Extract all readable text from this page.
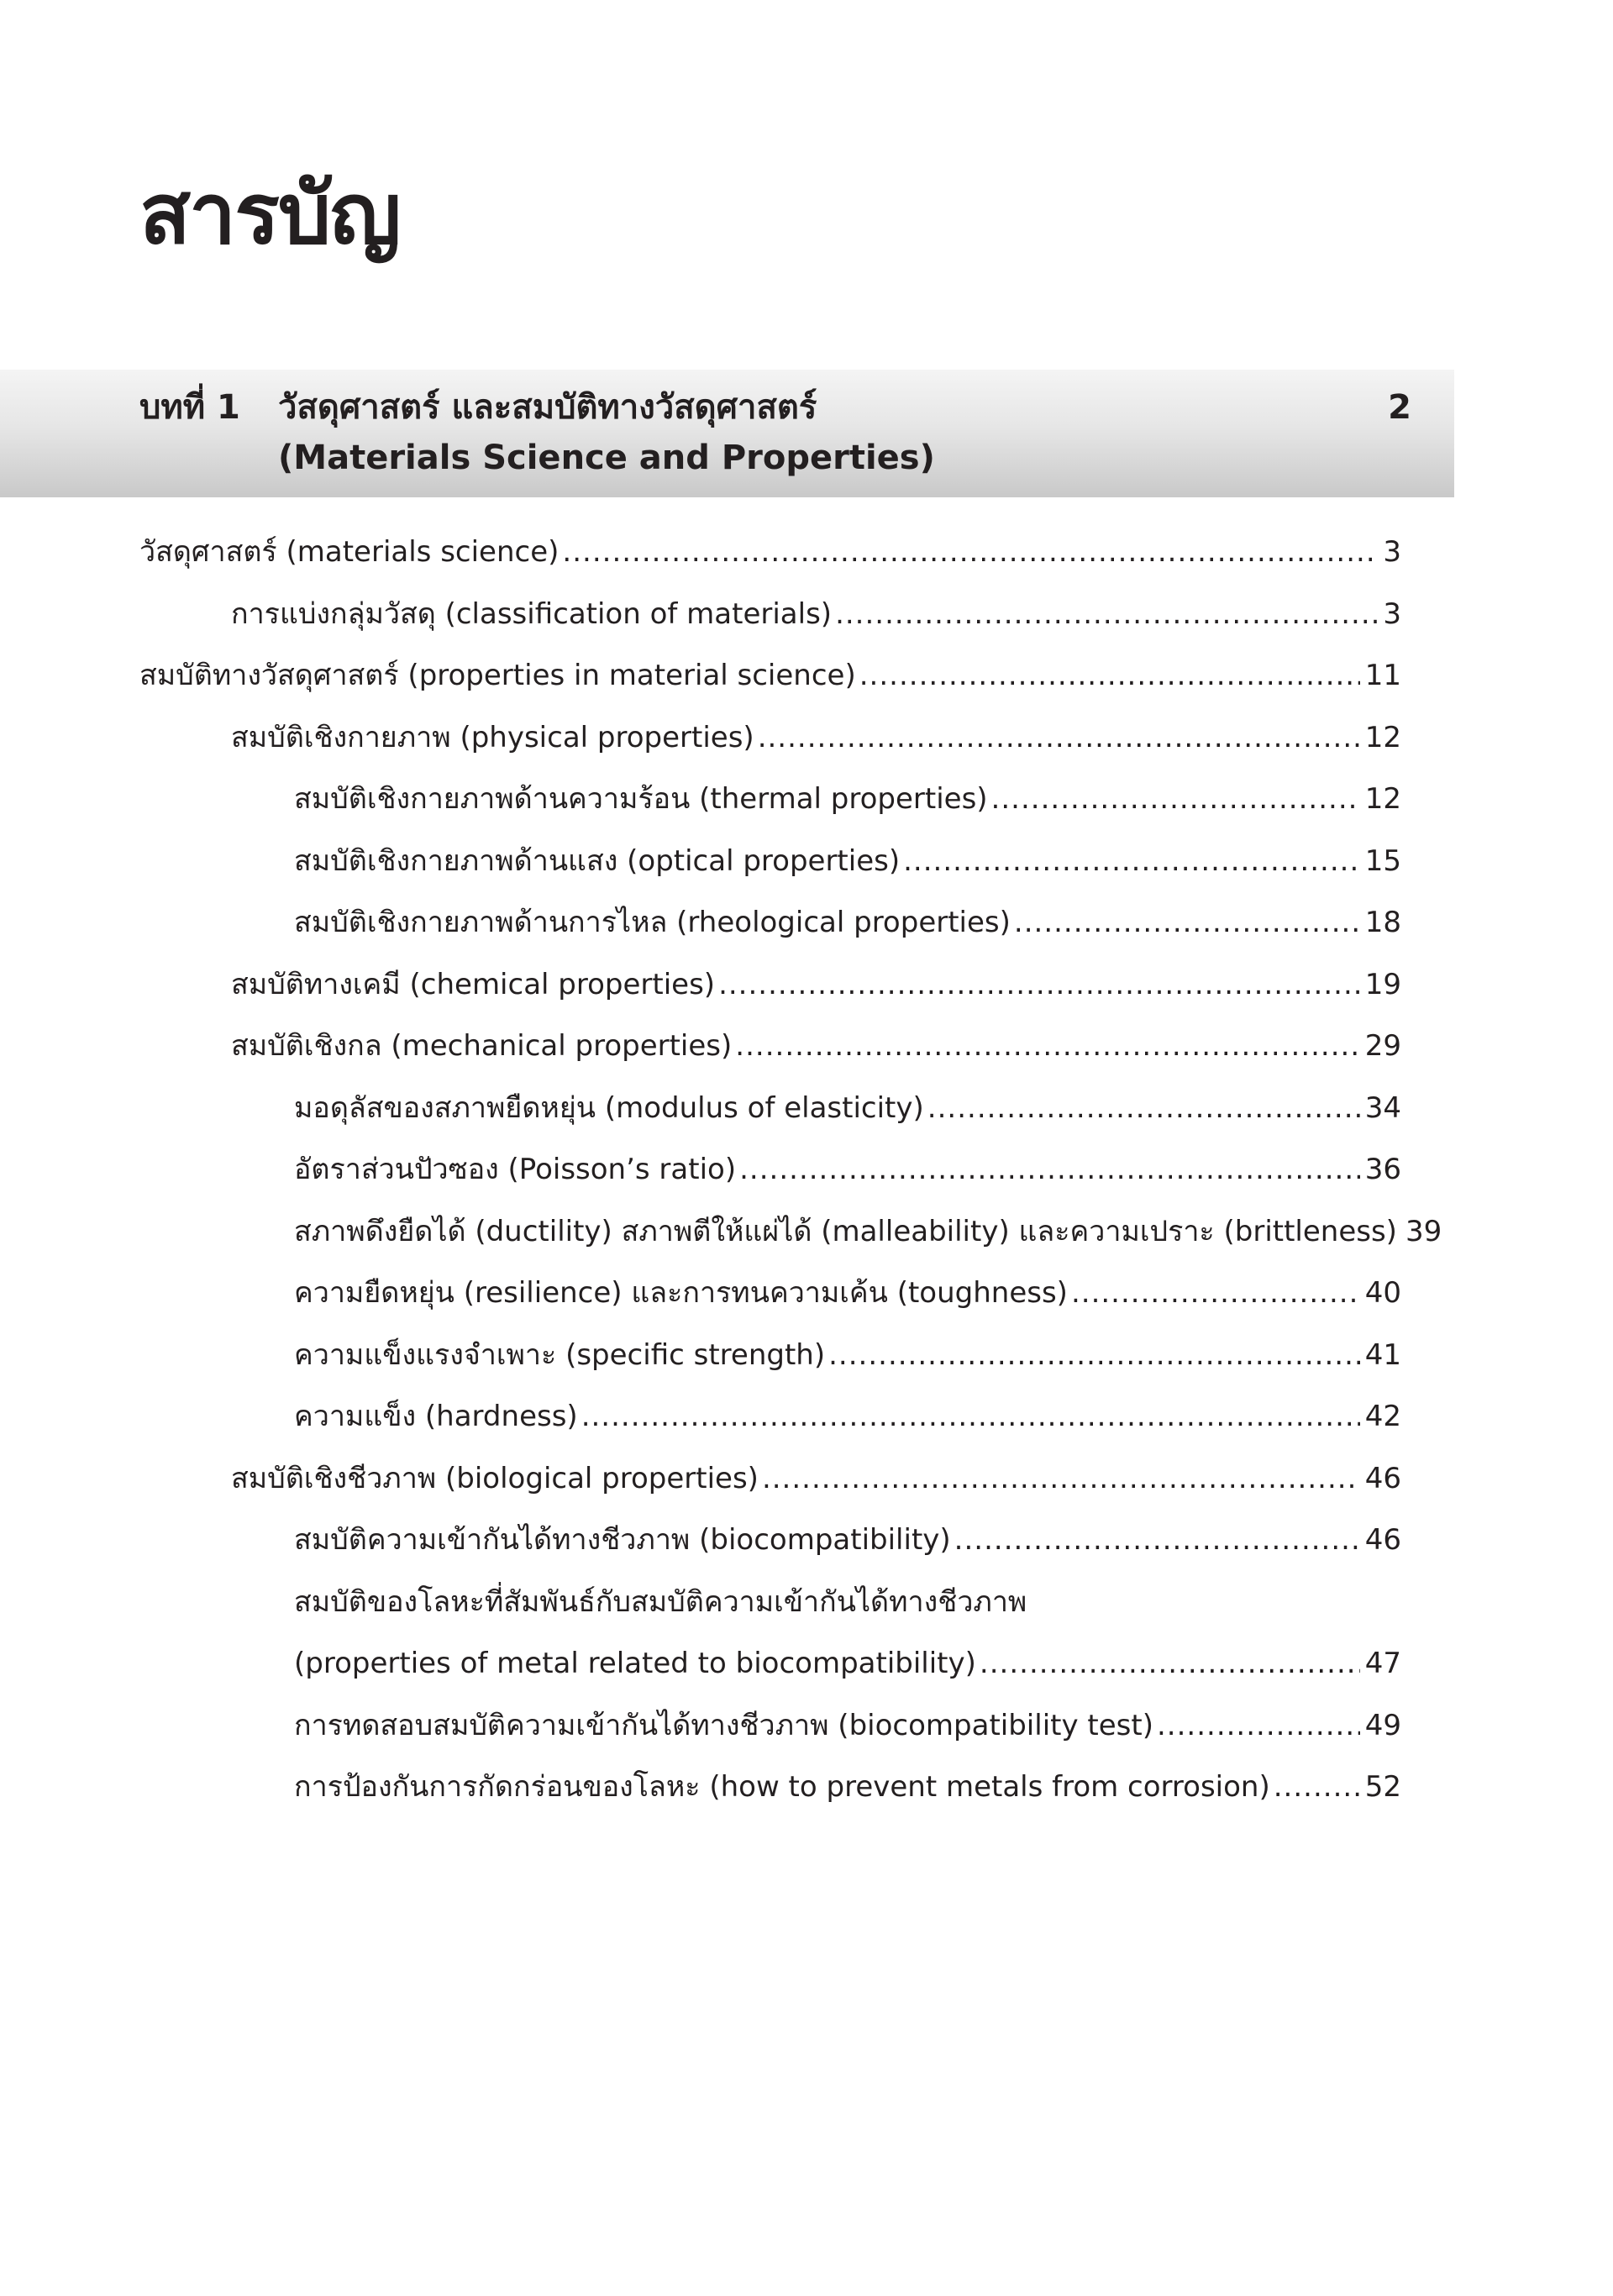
สารบัญ
บทที่ 1 วัสดุศาสตร์ และสมบัติทางวัสดุศาสตร์
(Materials Science and Properties)
2
วัสดุศาสตร์ (materials science) .....	3
การแบ่งกลุ่มวัสดุ (classification of materials) .....	3
สมบัติทางวัสดุศาสตร์ (properties in material science) .....	11
สมบัติเชิงกายภาพ (physical properties) .....	12
สมบัติเชิงกายภาพด้านความร้อน (thermal properties) .....	12
สมบัติเชิงกายภาพด้านแสง (optical properties) .....	15
สมบัติเชิงกายภาพด้านการไหล (rheological properties) .....	18
สมบัติทางเคมี (chemical properties) .....	19
สมบัติเชิงกล (mechanical properties) .....	29
มอดุลัสของสภาพยืดหยุ่น (modulus of elasticity) .....	34
อัตราส่วนปัวซอง (Poisson’s ratio) .....	36
สภาพดึงยืดได้ (ductility) สภาพตีให้แผ่ได้ (malleability) และความเปราะ (brittleness) 39
ความยืดหยุ่น (resilience) และการทนความเค้น (toughness) .....	40
ความแข็งแรงจำเพาะ (specific strength) .....	41
ความแข็ง (hardness) .....	42
สมบัติเชิงชีวภาพ (biological properties) .....	46
สมบัติความเข้ากันได้ทางชีวภาพ (biocompatibility) .....	46
สมบัติของโลหะที่สัมพันธ์กับสมบัติความเข้ากันได้ทางชีวภาพ
(properties of metal related to biocompatibility) .....	47
การทดสอบสมบัติความเข้ากันได้ทางชีวภาพ (biocompatibility test) .....	49
การป้องกันการกัดกร่อนของโลหะ (how to prevent metals from corrosion) .....	52
